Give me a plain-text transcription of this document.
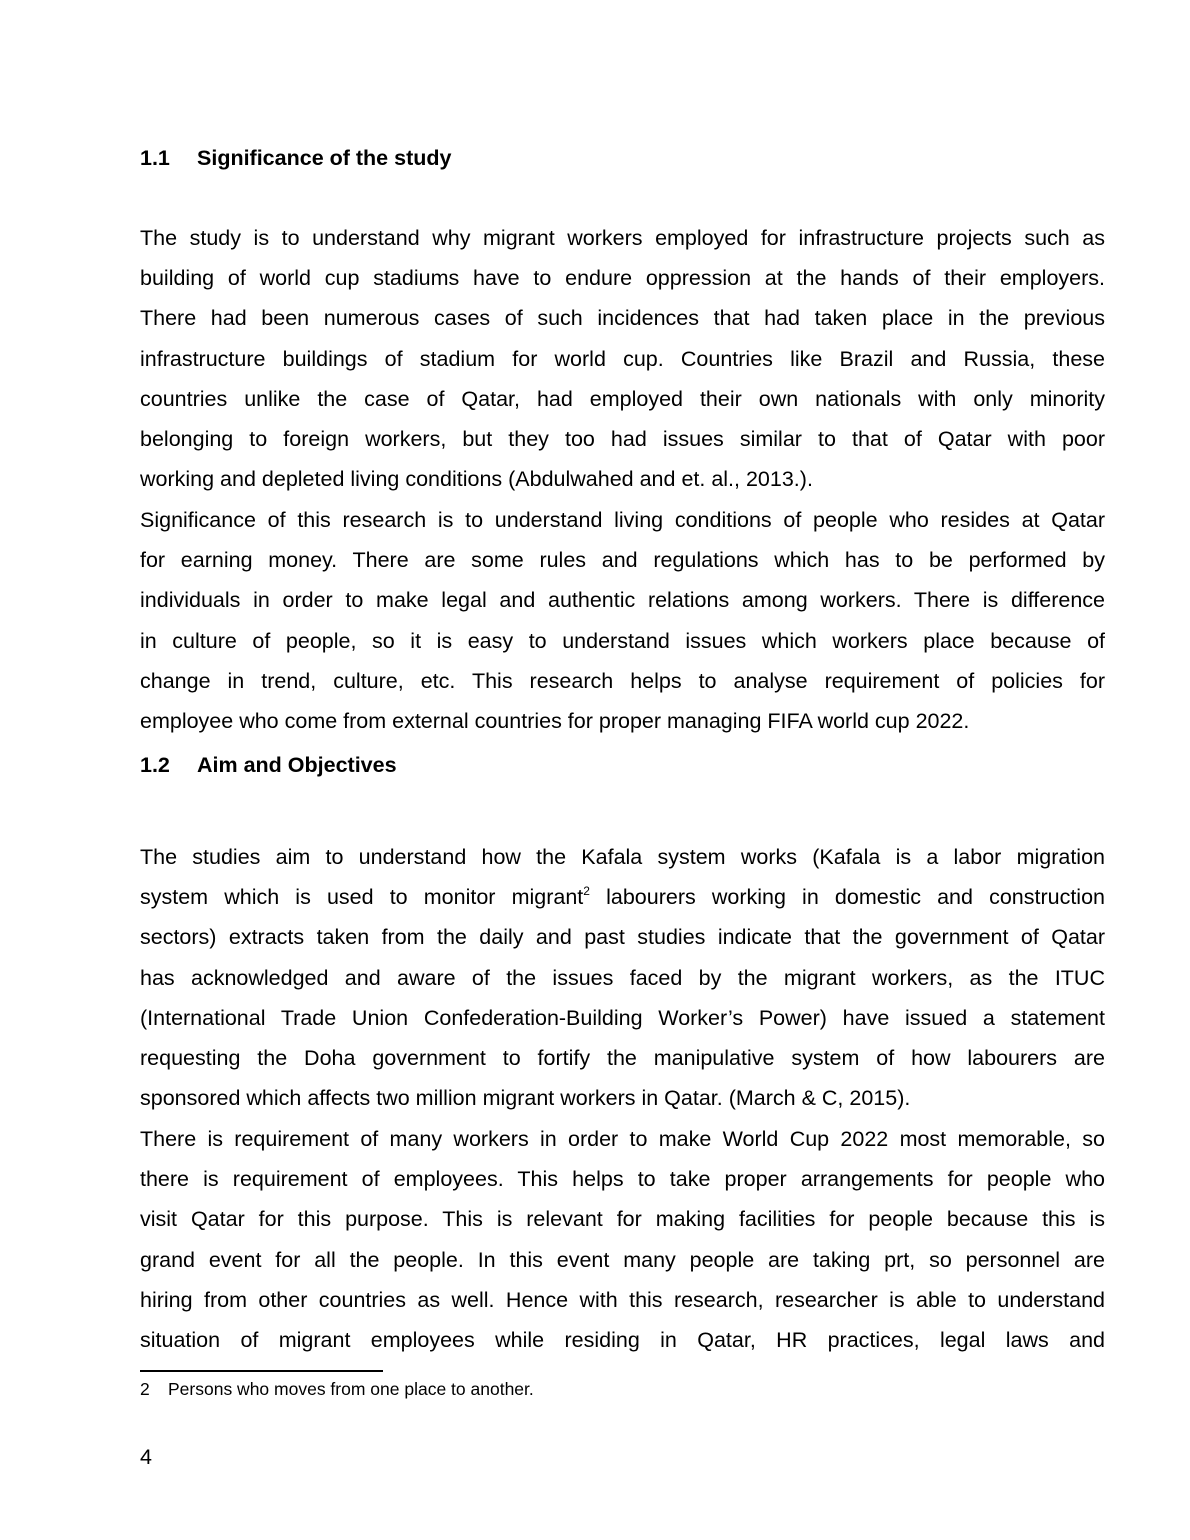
1.1 Significance of the study
The study is to understand why migrant workers employed for infrastructure projects such as
building of world cup stadiums have to endure oppression at the hands of their employers.
There had been numerous cases of such incidences that had taken place in the previous
infrastructure buildings of stadium for world cup. Countries like Brazil and Russia, these
countries unlike the case of Qatar, had employed their own nationals with only minority
belonging to foreign workers, but they too had issues similar to that of Qatar with poor
working and depleted living conditions (Abdulwahed and et. al., 2013.).
Significance of this research is to understand living conditions of people who resides at Qatar
for earning money. There are some rules and regulations which has to be performed by
individuals in order to make legal and authentic relations among workers. There is difference
in culture of people, so it is easy to understand issues which workers place because of
change in trend, culture, etc. This research helps to analyse requirement of policies for
employee who come from external countries for proper managing FIFA world cup 2022.
1.2 Aim and Objectives
The studies aim to understand how the Kafala system works (Kafala is a labor migration
system which is used to monitor migrant$^2$ labourers working in domestic and construction
sectors) extracts taken from the daily and past studies indicate that the government of Qatar
has acknowledged and aware of the issues faced by the migrant workers, as the ITUC
(International Trade Union Confederation-Building Worker’s Power) have issued a statement
requesting the Doha government to fortify the manipulative system of how labourers are
sponsored which affects two million migrant workers in Qatar. (March & C, 2015).
There is requirement of many workers in order to make World Cup 2022 most memorable, so
there is requirement of employees. This helps to take proper arrangements for people who
visit Qatar for this purpose. This is relevant for making facilities for people because this is
grand event for all the people. In this event many people are taking prt, so personnel are
hiring from other countries as well. Hence with this research, researcher is able to understand
situation of migrant employees while residing in Qatar, HR practices, legal laws and
2 Persons who moves from one place to another.
4
